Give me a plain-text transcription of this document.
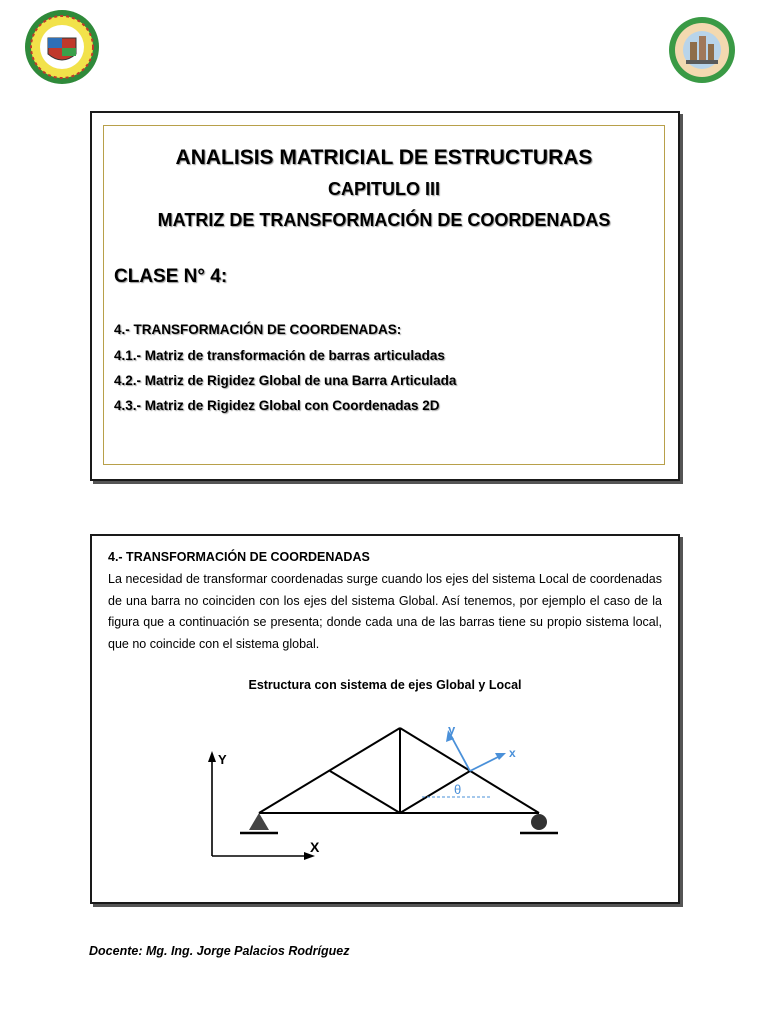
ANALISIS MATRICIAL DE ESTRUCTURAS
CAPITULO III
MATRIZ DE TRANSFORMACIÓN DE COORDENADAS
CLASE N° 4:
4.- TRANSFORMACIÓN DE COORDENADAS:
4.1.- Matriz de transformación de barras articuladas
4.2.- Matriz de Rigidez Global de una Barra Articulada
4.3.- Matriz de Rigidez Global con Coordenadas 2D
4.- TRANSFORMACIÓN DE COORDENADAS
La necesidad de transformar coordenadas surge cuando los ejes del sistema Local de coordenadas de una barra no coinciden con los ejes del sistema Global. Así tenemos, por ejemplo el caso de la figura que a continuación se presenta; donde cada una de las barras tiene su propio sistema local, que no coincide con el sistema global.
Estructura con sistema de ejes Global y Local
Y
X
y
x
θ
Docente: Mg. Ing. Jorge Palacios Rodríguez
